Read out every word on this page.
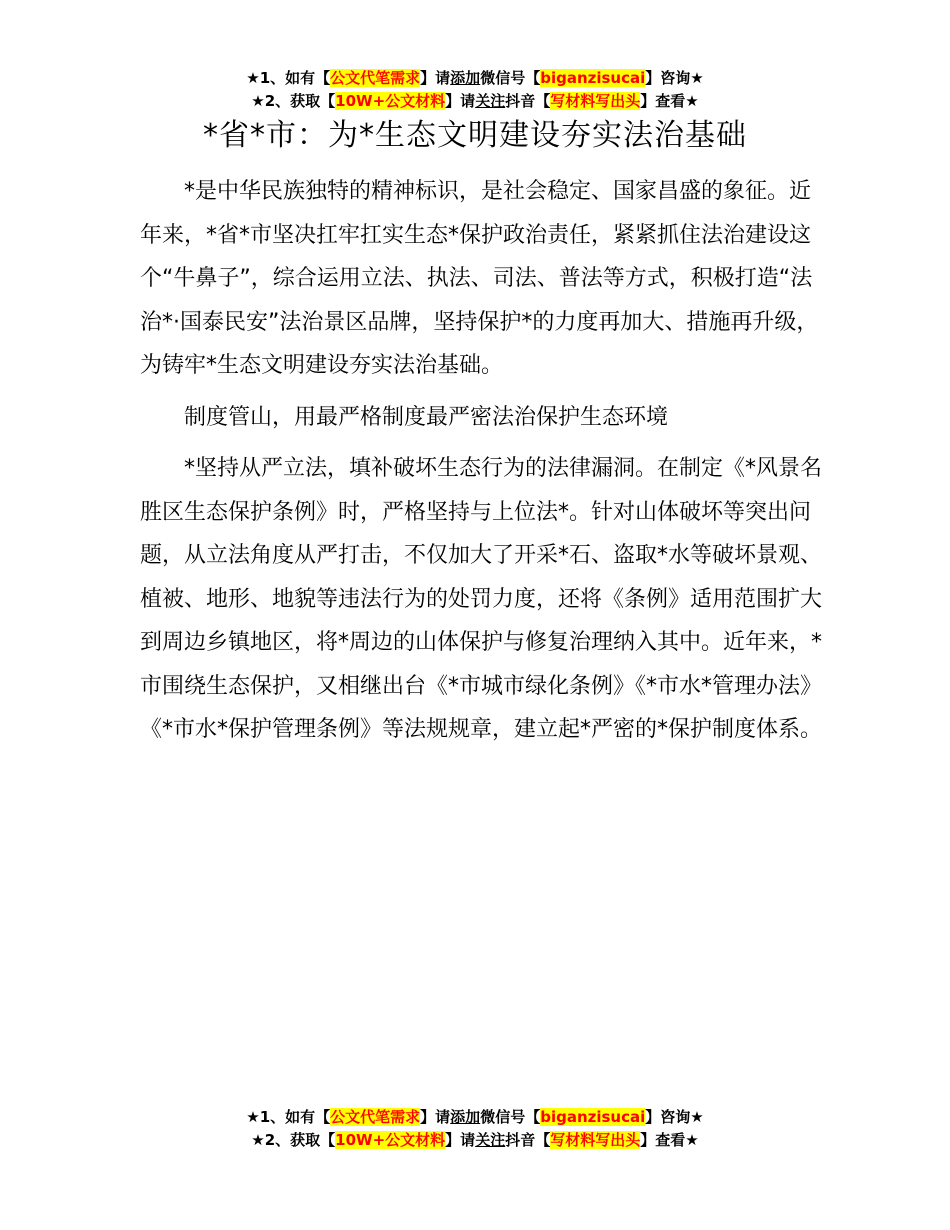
★1、如有【公文代笔需求】请添加微信号【biganzisucai】咨询★
★2、获取【10W+公文材料】请关注抖音【写材料写出头】查看★
*省*市：为*生态文明建设夯实法治基础

*是中华民族独特的精神标识，是社会稳定、国家昌盛的象征。近年来，*省*市坚决扛牢扛实生态*保护政治责任，紧紧抓住法治建设这个“牛鼻子”，综合运用立法、执法、司法、普法等方式，积极打造“法治*·国泰民安”法治景区品牌，坚持保护*的力度再加大、措施再升级，为铸牢*生态文明建设夯实法治基础。

制度管山，用最严格制度最严密法治保护生态环境

*坚持从严立法，填补破坏生态行为的法律漏洞。在制定《*风景名胜区生态保护条例》时，严格坚持与上位法*。针对山体破坏等突出问题，从立法角度从严打击，不仅加大了开采*石、盗取*水等破坏景观、植被、地形、地貌等违法行为的处罚力度，还将《条例》适用范围扩大到周边乡镇地区，将*周边的山体保护与修复治理纳入其中。近年来，*市围绕生态保护，又相继出台《*市城市绿化条例》《*市水*管理办法》《*市水*保护管理条例》等法规规章，建立起*严密的*保护制度体系。

★1、如有【公文代笔需求】请添加微信号【biganzisucai】咨询★
★2、获取【10W+公文材料】请关注抖音【写材料写出头】查看★
